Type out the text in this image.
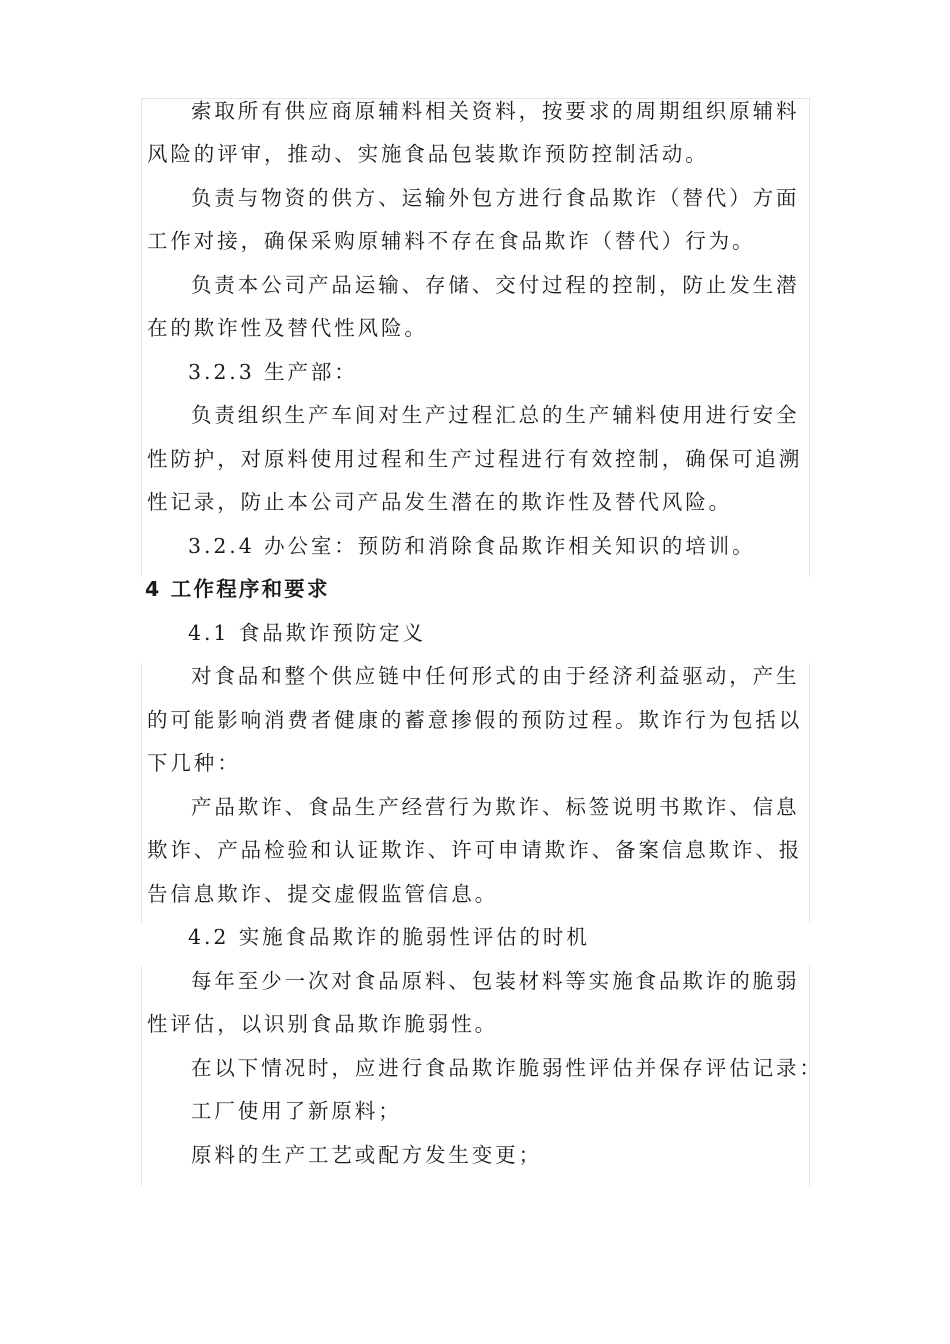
索取所有供应商原辅料相关资料，按要求的周期组织原辅料
风险的评审，推动、实施食品包装欺诈预防控制活动。
负责与物资的供方、运输外包方进行食品欺诈（替代）方面
工作对接，确保采购原辅料不存在食品欺诈（替代）行为。
负责本公司产品运输、存储、交付过程的控制，防止发生潜
在的欺诈性及替代性风险。
3.2.3 生产部：
负责组织生产车间对生产过程汇总的生产辅料使用进行安全
性防护，对原料使用过程和生产过程进行有效控制，确保可追溯
性记录，防止本公司产品发生潜在的欺诈性及替代风险。
3.2.4 办公室：预防和消除食品欺诈相关知识的培训。
4 工作程序和要求
4.1 食品欺诈预防定义
对食品和整个供应链中任何形式的由于经济利益驱动，产生
的可能影响消费者健康的蓄意掺假的预防过程。欺诈行为包括以
下几种：
产品欺诈、食品生产经营行为欺诈、标签说明书欺诈、信息
欺诈、产品检验和认证欺诈、许可申请欺诈、备案信息欺诈、报
告信息欺诈、提交虚假监管信息。
4.2 实施食品欺诈的脆弱性评估的时机
每年至少一次对食品原料、包装材料等实施食品欺诈的脆弱
性评估，以识别食品欺诈脆弱性。
在以下情况时，应进行食品欺诈脆弱性评估并保存评估记录：
工厂使用了新原料；
原料的生产工艺或配方发生变更；
